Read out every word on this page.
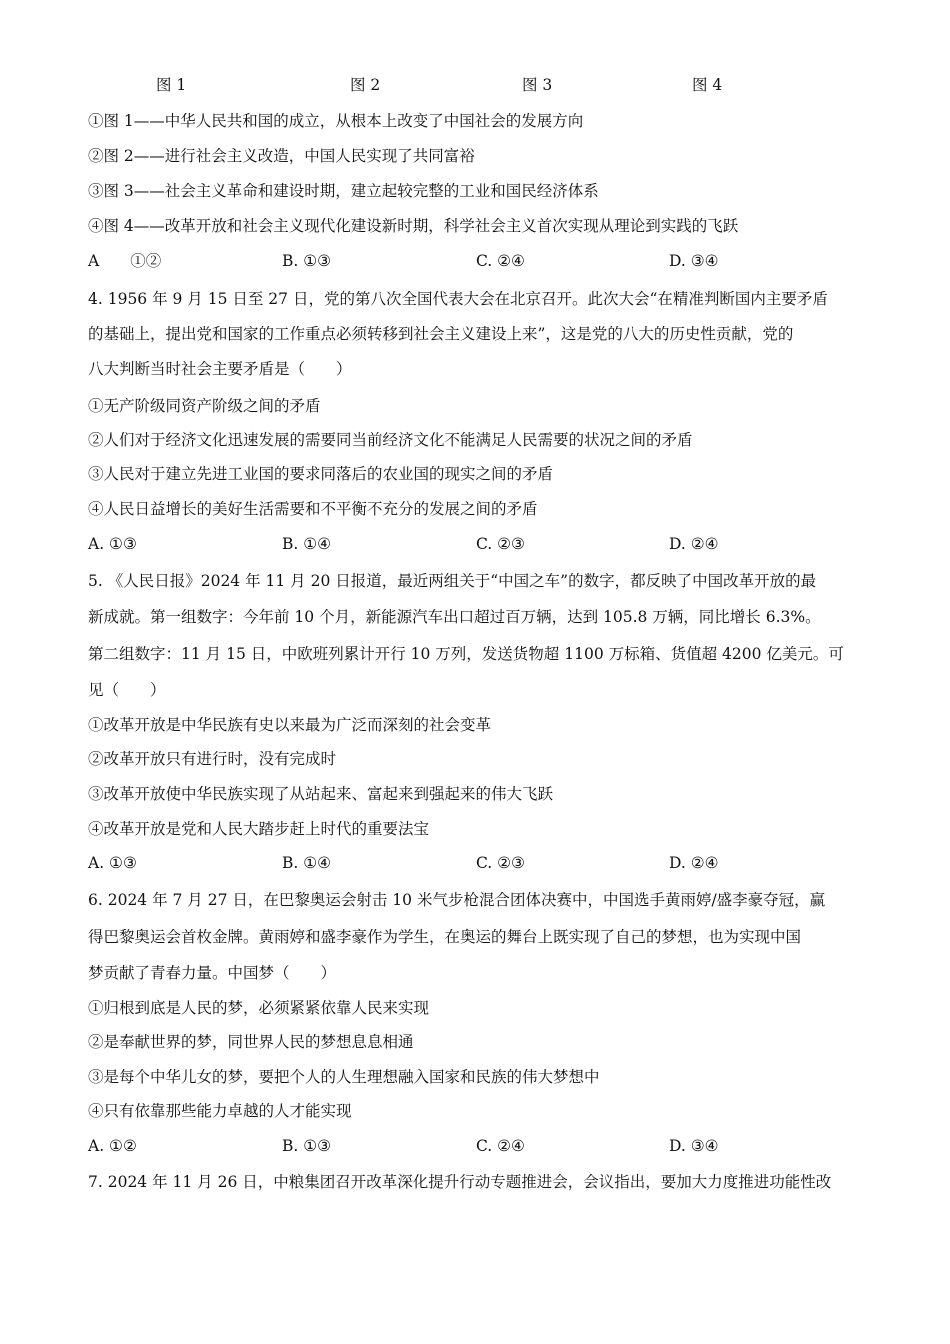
图 1	图 2	图 3	图 4
①图 1——中华人民共和国的成立，从根本上改变了中国社会的发展方向
②图 2——进行社会主义改造，中国人民实现了共同富裕
③图 3——社会主义革命和建设时期，建立起较完整的工业和国民经济体系
④图 4——改革开放和社会主义现代化建设新时期，科学社会主义首次实现从理论到实践的飞跃
A　　①②	B. ①③	C. ②④	D. ③④
4. 1956 年 9 月 15 日至 27 日，党的第八次全国代表大会在北京召开。此次大会“在精准判断国内主要矛盾
的基础上，提出党和国家的工作重点必须转移到社会主义建设上来”，这是党的八大的历史性贡献，党的
八大判断当时社会主要矛盾是（　　）
①无产阶级同资产阶级之间的矛盾
②人们对于经济文化迅速发展的需要同当前经济文化不能满足人民需要的状况之间的矛盾
③人民对于建立先进工业国的要求同落后的农业国的现实之间的矛盾
④人民日益增长的美好生活需要和不平衡不充分的发展之间的矛盾
A. ①③	B. ①④	C. ②③	D. ②④
5. 《人民日报》2024 年 11 月 20 日报道，最近两组关于“中国之车”的数字，都反映了中国改革开放的最
新成就。第一组数字：今年前 10 个月，新能源汽车出口超过百万辆，达到 105.8 万辆，同比增长 6.3%。
第二组数字：11 月 15 日，中欧班列累计开行 10 万列，发送货物超 1100 万标箱、货值超 4200 亿美元。可
见（　　）
①改革开放是中华民族有史以来最为广泛而深刻的社会变革
②改革开放只有进行时，没有完成时
③改革开放使中华民族实现了从站起来、富起来到强起来的伟大飞跃
④改革开放是党和人民大踏步赶上时代的重要法宝
A. ①③	B. ①④	C. ②③	D. ②④
6. 2024 年 7 月 27 日，在巴黎奥运会射击 10 米气步枪混合团体决赛中，中国选手黄雨婷/盛李豪夺冠，赢
得巴黎奥运会首枚金牌。黄雨婷和盛李豪作为学生，在奥运的舞台上既实现了自己的梦想，也为实现中国
梦贡献了青春力量。中国梦（　　）
①归根到底是人民的梦，必须紧紧依靠人民来实现
②是奉献世界的梦，同世界人民的梦想息息相通
③是每个中华儿女的梦，要把个人的人生理想融入国家和民族的伟大梦想中
④只有依靠那些能力卓越的人才能实现
A. ①②	B. ①③	C. ②④	D. ③④
7. 2024 年 11 月 26 日，中粮集团召开改革深化提升行动专题推进会，会议指出，要加大力度推进功能性改
